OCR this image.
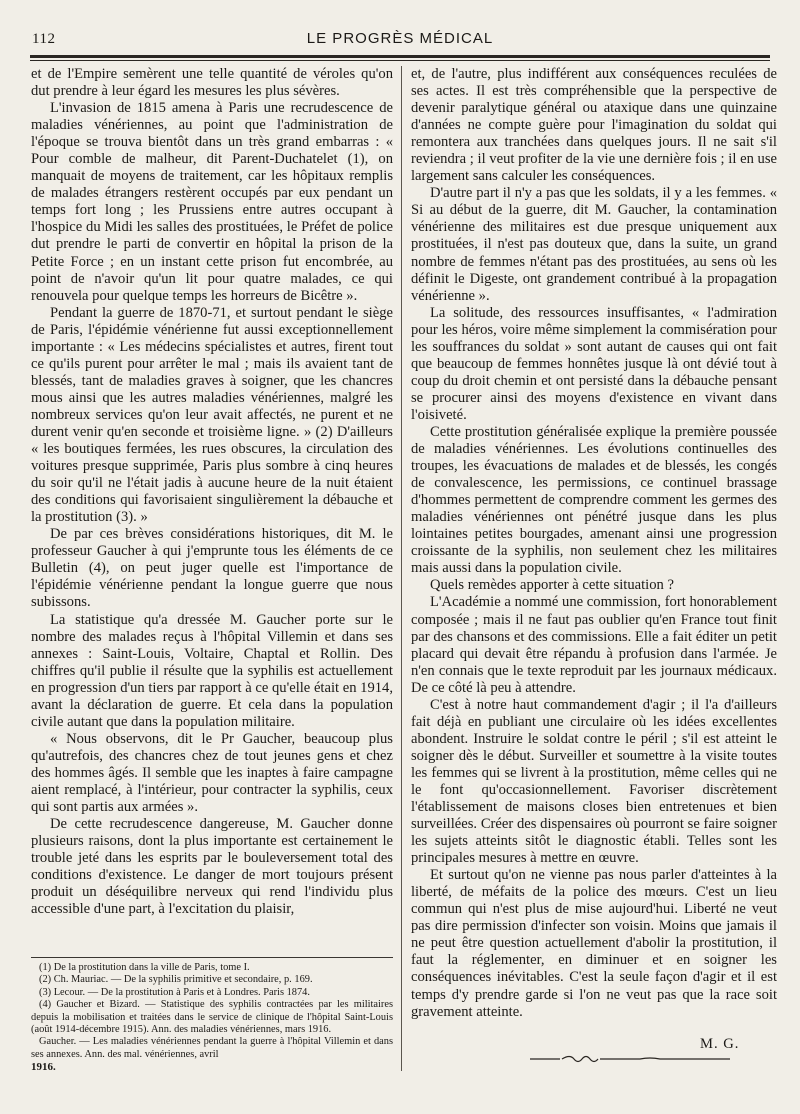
112	LE PROGRÈS MÉDICAL

et de l'Empire semèrent une telle quantité de véroles qu'on dut prendre à leur égard les mesures les plus sévères.

L'invasion de 1815 amena à Paris une recrudescence de maladies vénériennes, au point que l'administration de l'époque se trouva bientôt dans un très grand embarras : « Pour comble de malheur, dit Parent-Duchatelet (1), on manquait de moyens de traitement, car les hôpitaux remplis de malades étrangers restèrent occupés par eux pendant un temps fort long ; les Prussiens entre autres occupant à l'hospice du Midi les salles des prostituées, le Préfet de police dut prendre le parti de convertir en hôpital la prison de la Petite Force ; en un instant cette prison fut encombrée, au point de n'avoir qu'un lit pour quatre malades, ce qui renouvela pour quelque temps les horreurs de Bicêtre ».

Pendant la guerre de 1870-71, et surtout pendant le siège de Paris, l'épidémie vénérienne fut aussi exceptionnellement importante : « Les médecins spécialistes et autres, firent tout ce qu'ils purent pour arrêter le mal ; mais ils avaient tant de blessés, tant de maladies graves à soigner, que les chancres mous ainsi que les autres maladies vénériennes, malgré les nombreux services qu'on leur avait affectés, ne purent et ne durent venir qu'en seconde et troisième ligne. » (2) D'ailleurs « les boutiques fermées, les rues obscures, la circulation des voitures presque supprimée, Paris plus sombre à cinq heures du soir qu'il ne l'était jadis à aucune heure de la nuit étaient des conditions qui favorisaient singulièrement la débauche et la prostitution (3). »

De par ces brèves considérations historiques, dit M. le professeur Gaucher à qui j'emprunte tous les éléments de ce Bulletin (4), on peut juger quelle est l'importance de l'épidémie vénérienne pendant la longue guerre que nous subissons.

La statistique qu'a dressée M. Gaucher porte sur le nombre des malades reçus à l'hôpital Villemin et dans ses annexes : Saint-Louis, Voltaire, Chaptal et Rollin. Des chiffres qu'il publie il résulte que la syphilis est actuellement en progression d'un tiers par rapport à ce qu'elle était en 1914, avant la déclaration de guerre. Et cela dans la population civile autant que dans la population militaire.

« Nous observons, dit le Pr Gaucher, beaucoup plus qu'autrefois, des chancres chez de tout jeunes gens et chez des hommes âgés. Il semble que les inaptes à faire campagne aient remplacé, à l'intérieur, pour contracter la syphilis, ceux qui sont partis aux armées ».

De cette recrudescence dangereuse, M. Gaucher donne plusieurs raisons, dont la plus importante est certainement le trouble jeté dans les esprits par le bouleversement total des conditions d'existence. Le danger de mort toujours présent produit un déséquilibre nerveux qui rend l'individu plus accessible d'une part, à l'excitation du plaisir,

(1) De la prostitution dans la ville de Paris, tome I.

(2) Ch. Mauriac. — De la syphilis primitive et secondaire, p. 169.

(3) Lecour. — De la prostitution à Paris et à Londres. Paris 1874.

(4) Gaucher et Bizard. — Statistique des syphilis contractées par les militaires depuis la mobilisation et traitées dans le service de clinique de l'hôpital Saint-Louis (août 1914-décembre 1915). Ann. des maladies vénériennes, mars 1916.

Gaucher. — Les maladies vénériennes pendant la guerre à l'hôpital Villemin et dans ses annexes. Ann. des mal. vénériennes, avril

1916.

et, de l'autre, plus indifférent aux conséquences reculées de ses actes. Il est très compréhensible que la perspective de devenir paralytique général ou ataxique dans une quinzaine d'années ne compte guère pour l'imagination du soldat qui remontera aux tranchées dans quelques jours. Il ne sait s'il reviendra ; il veut profiter de la vie une dernière fois ; il en use largement sans calculer les conséquences.

D'autre part il n'y a pas que les soldats, il y a les femmes. « Si au début de la guerre, dit M. Gaucher, la contamination vénérienne des militaires est due presque uniquement aux prostituées, il n'est pas douteux que, dans la suite, un grand nombre de femmes n'étant pas des prostituées, au sens où les définit le Digeste, ont grandement contribué à la propagation vénérienne ».

La solitude, des ressources insuffisantes, « l'admiration pour les héros, voire même simplement la commisération pour les souffrances du soldat » sont autant de causes qui ont fait que beaucoup de femmes honnêtes jusque là ont dévié tout à coup du droit chemin et ont persisté dans la débauche pensant se procurer ainsi des moyens d'existence en vivant dans l'oisiveté.

Cette prostitution généralisée explique la première poussée de maladies vénériennes. Les évolutions continuelles des troupes, les évacuations de malades et de blessés, les congés de convalescence, les permissions, ce continuel brassage d'hommes permettent de comprendre comment les germes des maladies vénériennes ont pénétré jusque dans les plus lointaines petites bourgades, amenant ainsi une progression croissante de la syphilis, non seulement chez les militaires mais aussi dans la population civile.

Quels remèdes apporter à cette situation ?

L'Académie a nommé une commission, fort honorablement composée ; mais il ne faut pas oublier qu'en France tout finit par des chansons et des commissions. Elle a fait éditer un petit placard qui devait être répandu à profusion dans l'armée. Je n'en connais que le texte reproduit par les journaux médicaux. De ce côté là peu à attendre.

C'est à notre haut commandement d'agir ; il l'a d'ailleurs fait déjà en publiant une circulaire où les idées excellentes abondent. Instruire le soldat contre le péril ; s'il est atteint le soigner dès le début. Surveiller et soumettre à la visite toutes les femmes qui se livrent à la prostitution, même celles qui ne le font qu'occasionnellement. Favoriser discrètement l'établissement de maisons closes bien entretenues et bien surveillées. Créer des dispensaires où pourront se faire soigner les sujets atteints sitôt le diagnostic établi. Telles sont les principales mesures à mettre en œuvre.

Et surtout qu'on ne vienne pas nous parler d'atteintes à la liberté, de méfaits de la police des mœurs. C'est un lieu commun qui n'est plus de mise aujourd'hui. Liberté ne veut pas dire permission d'infecter son voisin. Moins que jamais il ne peut être question actuellement d'abolir la prostitution, il faut la réglementer, en diminuer et en soigner les conséquences inévitables. C'est la seule façon d'agir et il est temps d'y prendre garde si l'on ne veut pas que la race soit gravement atteinte.

M. G.
